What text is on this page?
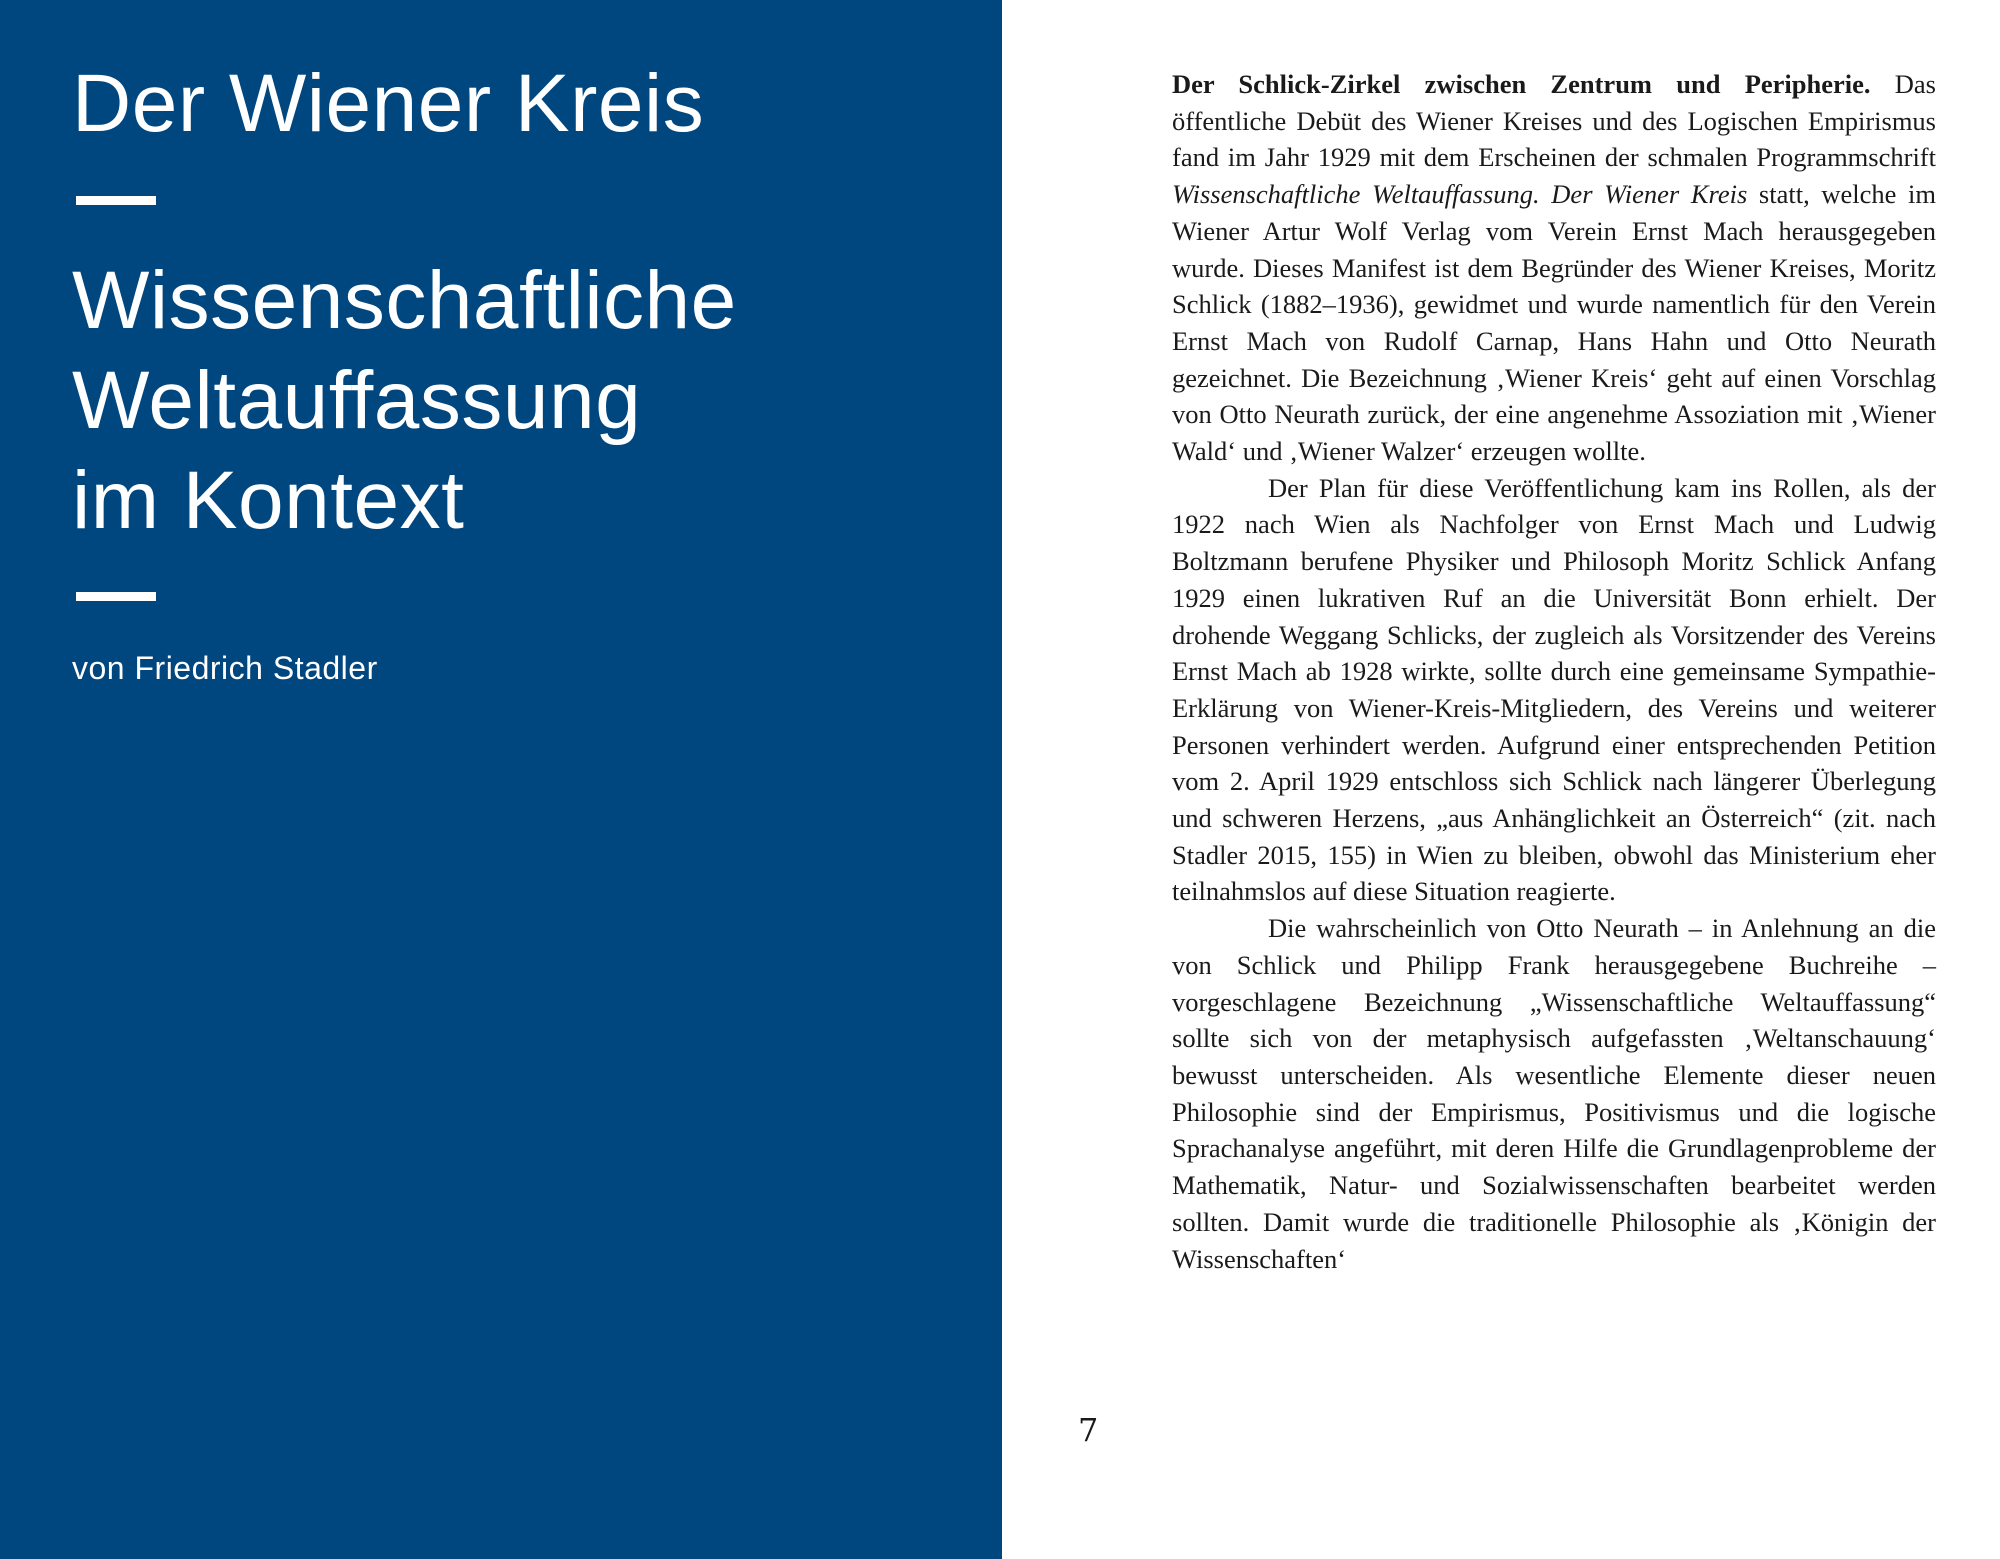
Der Wiener Kreis
Wissenschaftliche
Weltauffassung
im Kontext

von Friedrich Stadler

Der Schlick-Zirkel zwischen Zentrum und Peripherie. Das öffentliche Debüt des Wiener Kreises und des Logischen Empirismus fand im Jahr 1929 mit dem Erscheinen der schmalen Programmschrift Wissenschaftliche Weltauffassung. Der Wiener Kreis statt, welche im Wiener Artur Wolf Verlag vom Verein Ernst Mach herausgegeben wurde. Dieses Manifest ist dem Begründer des Wiener Kreises, Moritz Schlick (1882–1936), gewidmet und wurde namentlich für den Verein Ernst Mach von Rudolf Carnap, Hans Hahn und Otto Neurath gezeichnet. Die Bezeichnung ‚Wiener Kreis‘ geht auf einen Vorschlag von Otto Neurath zurück, der eine angenehme Assoziation mit ‚Wiener Wald‘ und ‚Wiener Walzer‘ erzeugen wollte.

Der Plan für diese Veröffentlichung kam ins Rollen, als der 1922 nach Wien als Nachfolger von Ernst Mach und Ludwig Boltzmann berufene Physiker und Philosoph Moritz Schlick Anfang 1929 einen lukrativen Ruf an die Universität Bonn erhielt. Der drohende Weggang Schlicks, der zugleich als Vorsitzender des Vereins Ernst Mach ab 1928 wirkte, sollte durch eine gemeinsame Sympathie-Erklärung von Wiener-Kreis-Mitgliedern, des Vereins und weiterer Personen verhindert werden. Aufgrund einer entsprechenden Petition vom 2. April 1929 entschloss sich Schlick nach längerer Überlegung und schweren Herzens, „aus Anhänglichkeit an Österreich“ (zit. nach Stadler 2015, 155) in Wien zu bleiben, obwohl das Ministerium eher teilnahmslos auf diese Situation reagierte.

Die wahrscheinlich von Otto Neurath – in Anlehnung an die von Schlick und Philipp Frank herausgegebene Buchreihe – vorgeschlagene Bezeichnung „Wissenschaftliche Weltauffassung“ sollte sich von der metaphysisch aufgefassten ‚Weltanschauung‘ bewusst unterscheiden. Als wesentliche Elemente dieser neuen Philosophie sind der Empirismus, Positivismus und die logische Sprachanalyse angeführt, mit deren Hilfe die Grundlagenprobleme der Mathematik, Natur- und Sozialwissenschaften bearbeitet werden sollten. Damit wurde die traditionelle Philosophie als ‚Königin der Wissenschaften‘

7
